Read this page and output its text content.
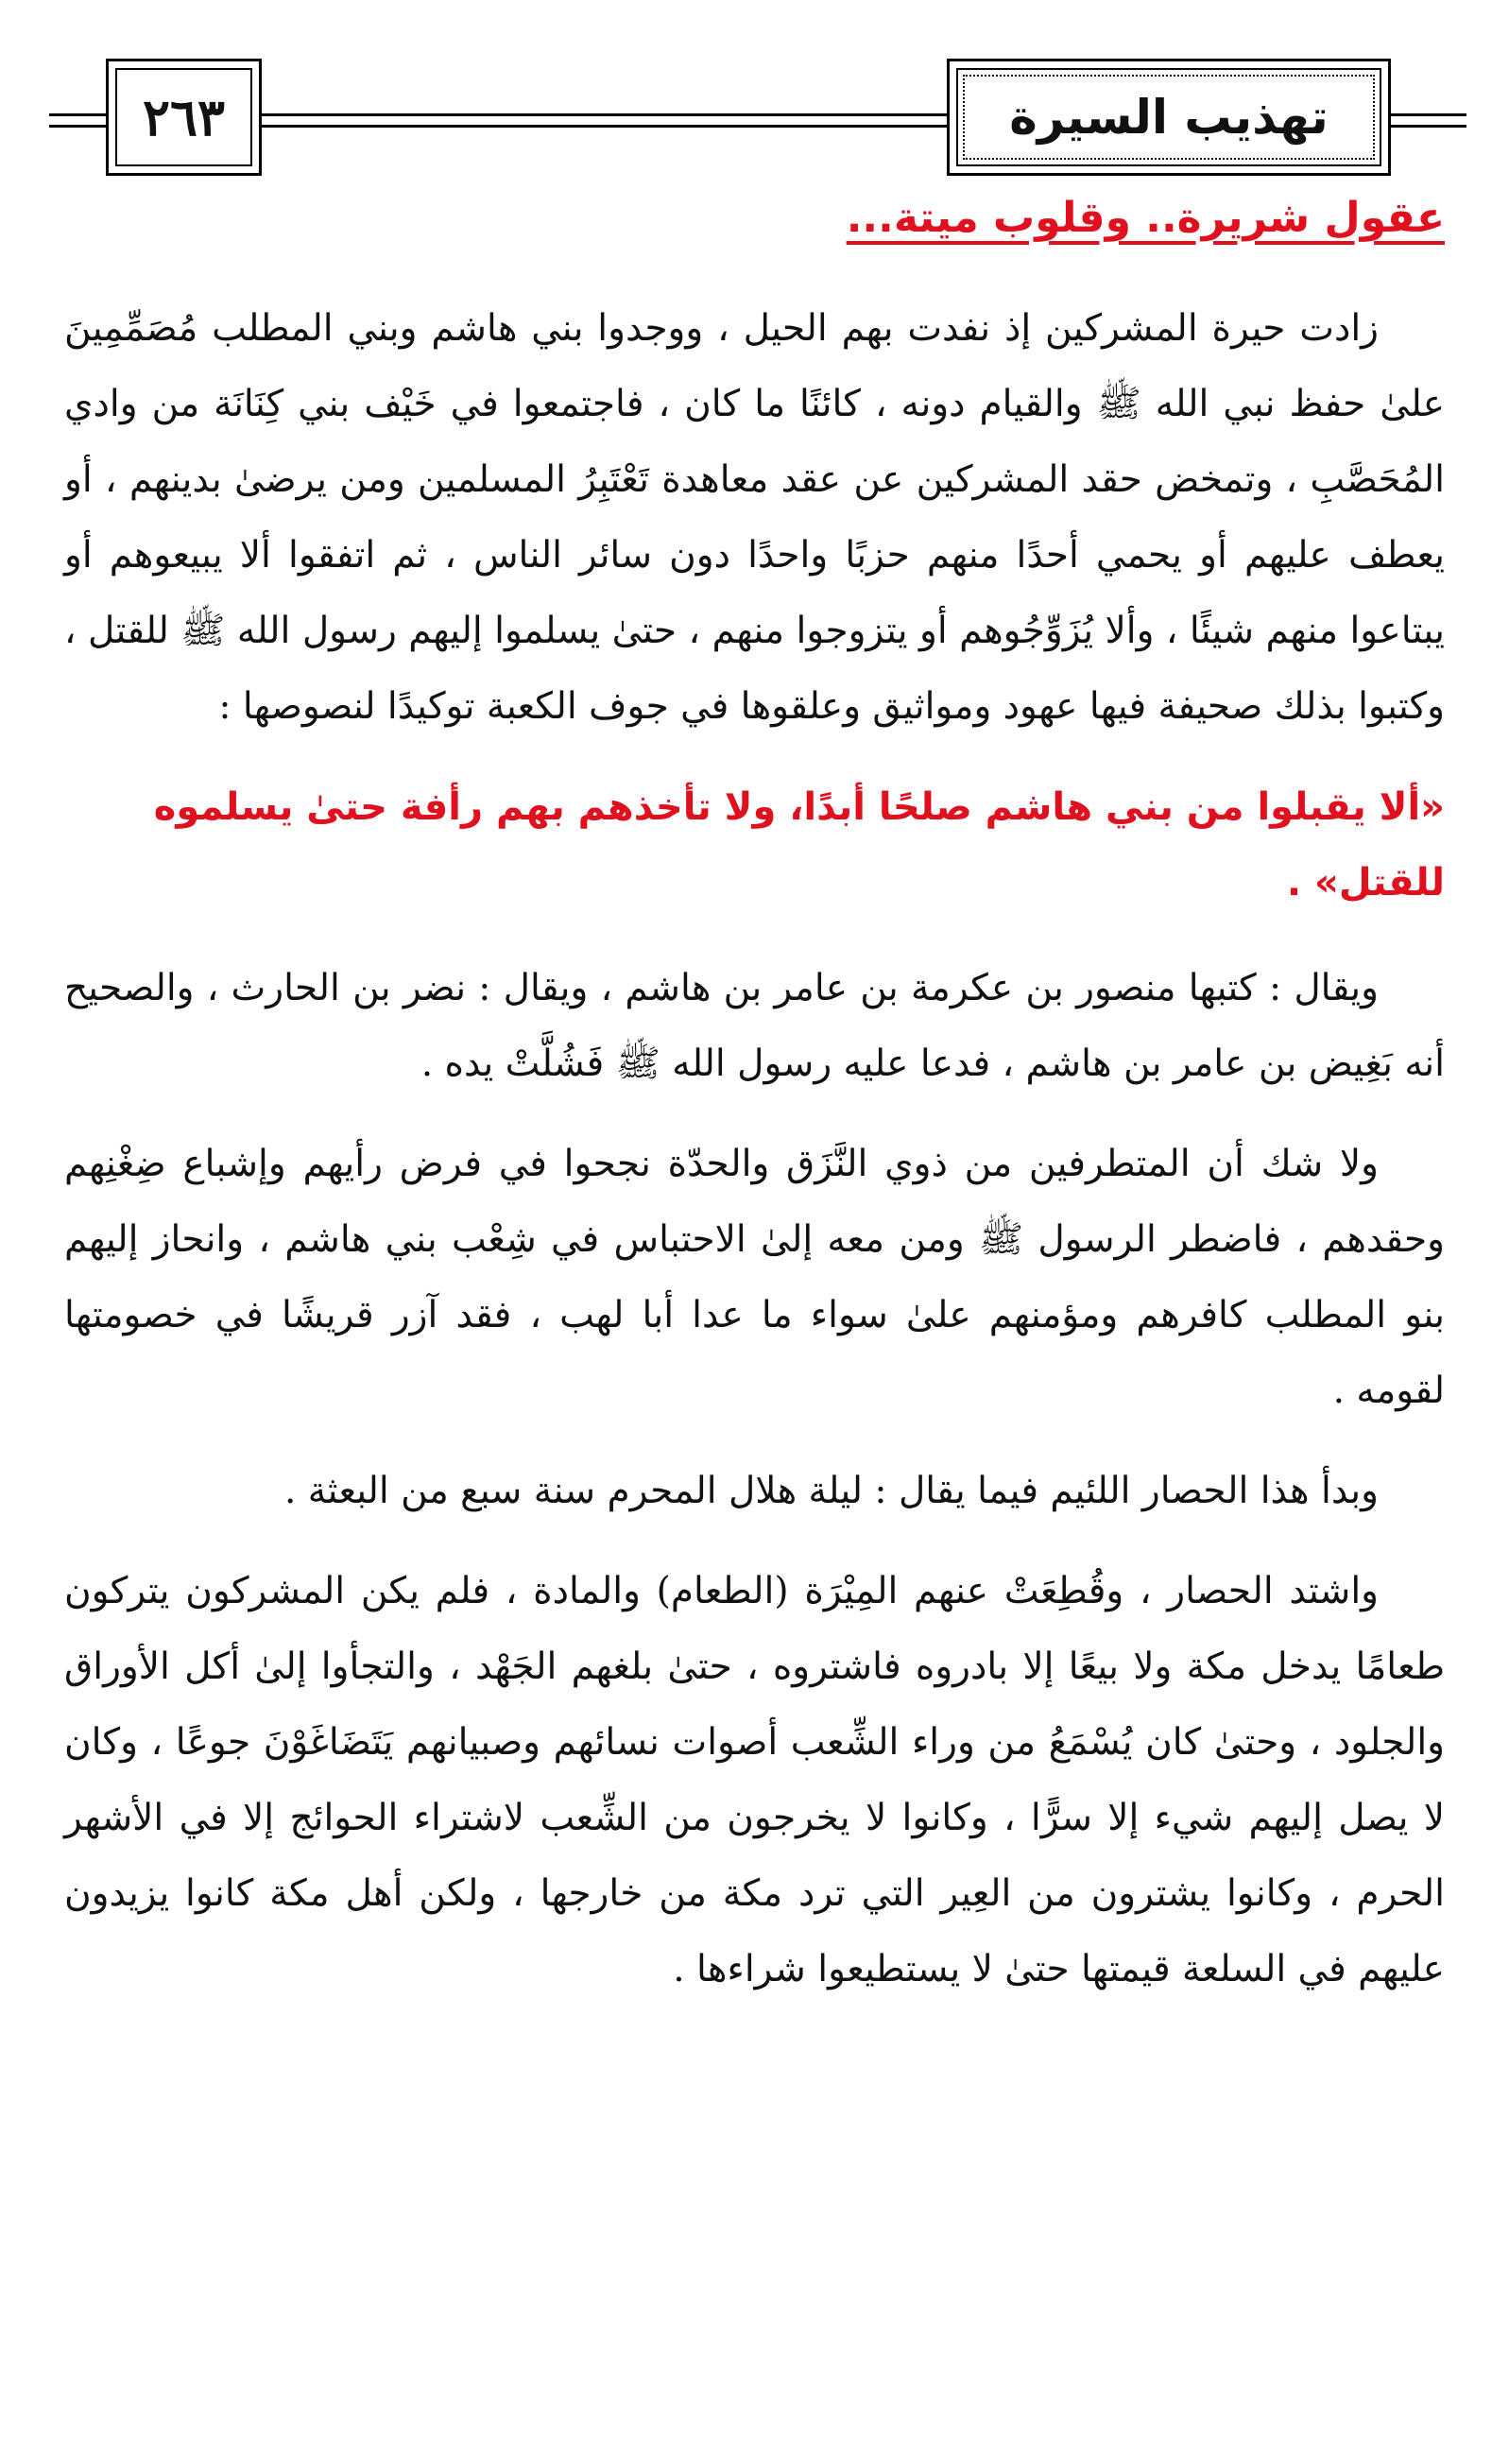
٢٦٣	تهذيب السيرة
عقول شريرة.. وقلوب ميتة...

زادت حيرة المشركين إذ نفدت بهم الحيل ، ووجدوا بني هاشم وبني المطلب مُصَمِّمِينَ علىٰ حفظ نبي الله ﷺ والقيام دونه ، كائنًا ما كان ، فاجتمعوا في خَيْف بني كِنَانَة من وادي المُحَصَّبِ ، وتمخض حقد المشركين عن عقد معاهدة تَعْتَبِرُ المسلمين ومن يرضىٰ بدينهم ، أو يعطف عليهم أو يحمي أحدًا منهم حزبًا واحدًا دون سائر الناس ، ثم اتفقوا ألا يبيعوهم أو يبتاعوا منهم شيئًا ، وألا يُزَوِّجُوهم أو يتزوجوا منهم ، حتىٰ يسلموا إليهم رسول الله ﷺ للقتل ، وكتبوا بذلك صحيفة فيها عهود ومواثيق وعلقوها في جوف الكعبة توكيدًا لنصوصها :

«ألا يقبلوا من بني هاشم صلحًا أبدًا، ولا تأخذهم بهم رأفة حتىٰ يسلموه للقتل» .

ويقال : كتبها منصور بن عكرمة بن عامر بن هاشم ، ويقال : نضر بن الحارث ، والصحيح أنه بَغِيض بن عامر بن هاشم ، فدعا عليه رسول الله ﷺ فَشُلَّتْ يده .

ولا شك أن المتطرفين من ذوي النَّزَق والحدّة نجحوا في فرض رأيهم وإشباع ضِغْنِهم وحقدهم ، فاضطر الرسول ﷺ ومن معه إلىٰ الاحتباس في شِعْب بني هاشم ، وانحاز إليهم بنو المطلب كافرهم ومؤمنهم علىٰ سواء ما عدا أبا لهب ، فقد آزر قريشًا في خصومتها لقومه .

وبدأ هذا الحصار اللئيم فيما يقال : ليلة هلال المحرم سنة سبع من البعثة .

واشتد الحصار ، وقُطِعَتْ عنهم المِيْرَة (الطعام) والمادة ، فلم يكن المشركون يتركون طعامًا يدخل مكة ولا بيعًا إلا بادروه فاشتروه ، حتىٰ بلغهم الجَهْد ، والتجأوا إلىٰ أكل الأوراق والجلود ، وحتىٰ كان يُسْمَعُ من وراء الشِّعب أصوات نسائهم وصبيانهم يَتَضَاغَوْنَ جوعًا ، وكان لا يصل إليهم شيء إلا سرًّا ، وكانوا لا يخرجون من الشِّعب لاشتراء الحوائج إلا في الأشهر الحرم ، وكانوا يشترون من العِير التي ترد مكة من خارجها ، ولكن أهل مكة كانوا يزيدون عليهم في السلعة قيمتها حتىٰ لا يستطيعوا شراءها .
